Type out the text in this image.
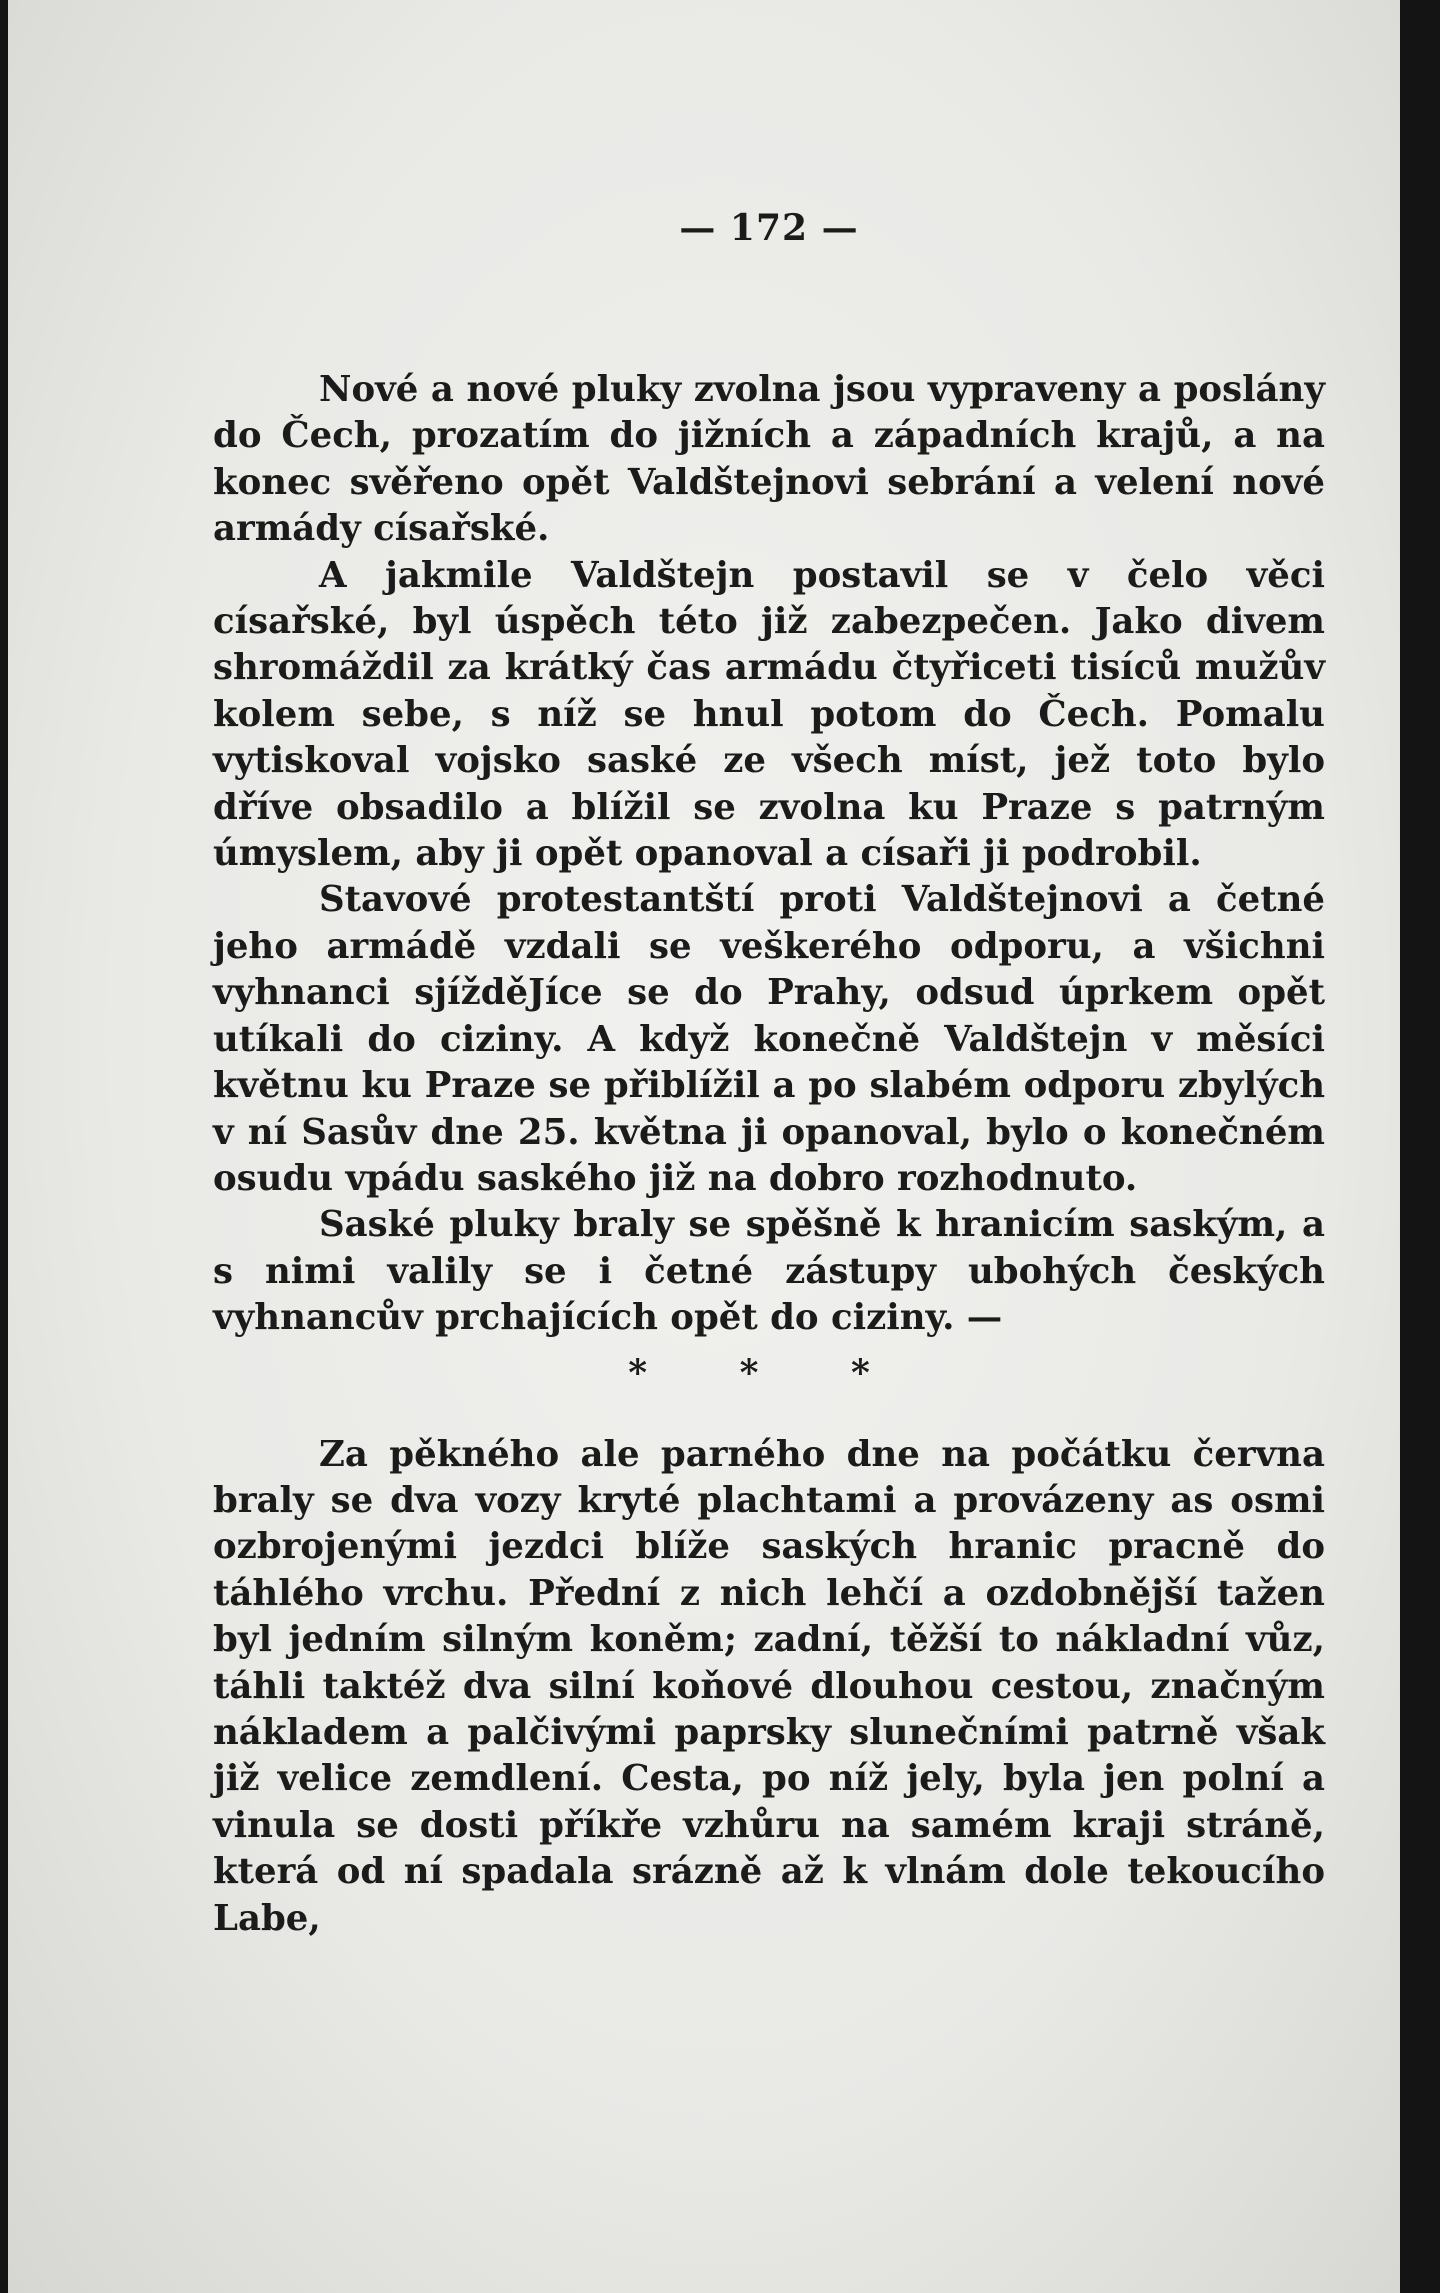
— 172 —

Nové a nové pluky zvolna jsou vypraveny a poslány do Čech, prozatím do jižních a západních krajů, a na konec svěřeno opět Valdštejnovi sebrání a velení nové armády císařské.

A jakmile Valdštejn postavil se v čelo věci císařské, byl úspěch této již zabezpečen. Jako divem shromáždil za krátký čas armádu čtyřiceti tisíců mužův kolem sebe, s níž se hnul potom do Čech. Pomalu vytiskoval vojsko saské ze všech míst, jež toto bylo dříve obsadilo a blížil se zvolna ku Praze s patrným úmyslem, aby ji opět opanoval a císaři ji podrobil.

Stavové protestantští proti Valdštejnovi a četné jeho armádě vzdali se veškerého odporu, a všichni vyhnanci sjížděJíce se do Prahy, odsud úprkem opět utíkali do ciziny. A když konečně Valdštejn v měsíci květnu ku Praze se přiblížil a po slabém odporu zbylých v ní Sasův dne 25. května ji opanoval, bylo o konečném osudu vpádu saského již na dobro rozhodnuto.

Saské pluky braly se spěšně k hranicím saským, a s nimi valily se i četné zástupy ubohých českých vyhnancův prchajících opět do ciziny. —

* * *

Za pěkného ale parného dne na počátku června braly se dva vozy kryté plachtami a provázeny as osmi ozbrojenými jezdci blíže saských hranic pracně do táhlého vrchu. Přední z nich lehčí a ozdobnější tažen byl jedním silným koněm; zadní, těžší to nákladní vůz, táhli taktéž dva silní koňové dlouhou cestou, značným nákladem a palčivými paprsky slunečními patrně však již velice zemdlení. Cesta, po níž jely, byla jen polní a vinula se dosti příkře vzhůru na samém kraji stráně, která od ní spadala srázně až k vlnám dole tekoucího Labe,
